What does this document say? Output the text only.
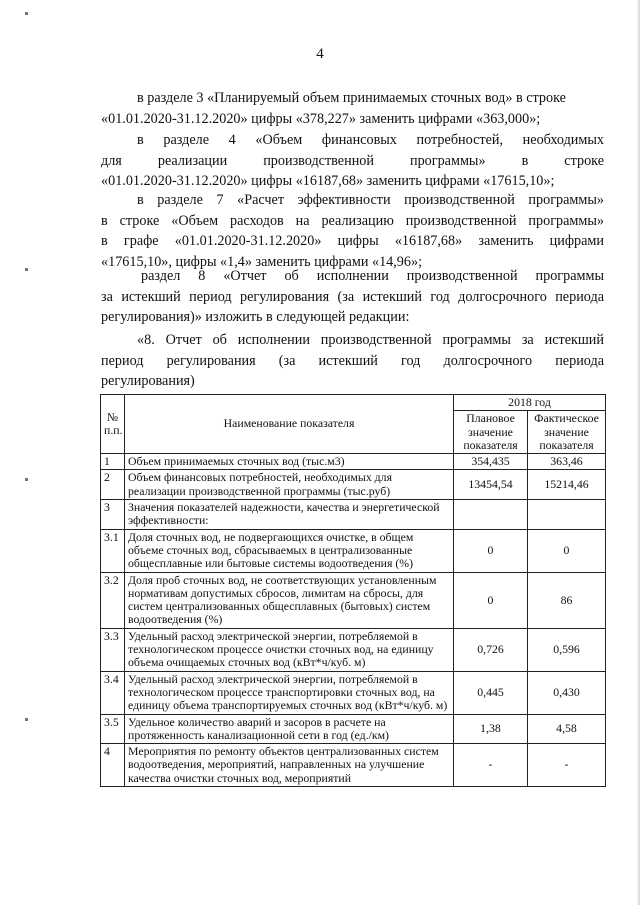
4
в разделе 3 «Планируемый объем принимаемых сточных вод» в строке
«01.01.2020-31.12.2020» цифры «378,227» заменить цифрами «363,000»;
в разделе 4 «Объем финансовых потребностей, необходимых
для реализации производственной программы» в строке
«01.01.2020-31.12.2020» цифры «16187,68» заменить цифрами «17615,10»;
в разделе 7 «Расчет эффективности производственной программы»
в строке «Объем расходов на реализацию производственной программы»
в графе «01.01.2020-31.12.2020» цифры «16187,68» заменить цифрами
«17615,10», цифры «1,4» заменить цифрами «14,96»;
раздел 8 «Отчет об исполнении производственной программы
за истекший период регулирования (за истекший год долгосрочного периода
регулирования)» изложить в следующей редакции:
«8. Отчет об исполнении производственной программы за истекший
период регулирования (за истекший год долгосрочного периода
регулирования)
№ п.п.	Наименование показателя	2018 год	
		Плановое значение показателя	Фактическое значение показателя
1	Объем принимаемых сточных вод (тыс.м3)	354,435	363,46
2	Объем финансовых потребностей, необходимых для реализации производственной программы (тыс.руб)	13454,54	15214,46
3	Значения показателей надежности, качества и энергетической эффективности:		
3.1	Доля сточных вод, не подвергающихся очистке, в общем объеме сточных вод, сбрасываемых в централизованные общесплавные или бытовые системы водоотведения (%)	0	0
3.2	Доля проб сточных вод, не соответствующих установленным нормативам допустимых сбросов, лимитам на сбросы, для систем централизованных общесплавных (бытовых) систем водоотведения (%)	0	86
3.3	Удельный расход электрической энергии, потребляемой в технологическом процессе очистки сточных вод, на единицу объема очищаемых сточных вод (кВт*ч/куб. м)	0,726	0,596
3.4	Удельный расход электрической энергии, потребляемой в технологическом процессе транспортировки сточных вод, на единицу объема транспортируемых сточных вод (кВт*ч/куб. м)	0,445	0,430
3.5	Удельное количество аварий и засоров в расчете на протяженность канализационной сети в год (ед./км)	1,38	4,58
4	Мероприятия по ремонту объектов централизованных систем водоотведения, мероприятий, направленных на улучшение качества очистки сточных вод, мероприятий	-	-
